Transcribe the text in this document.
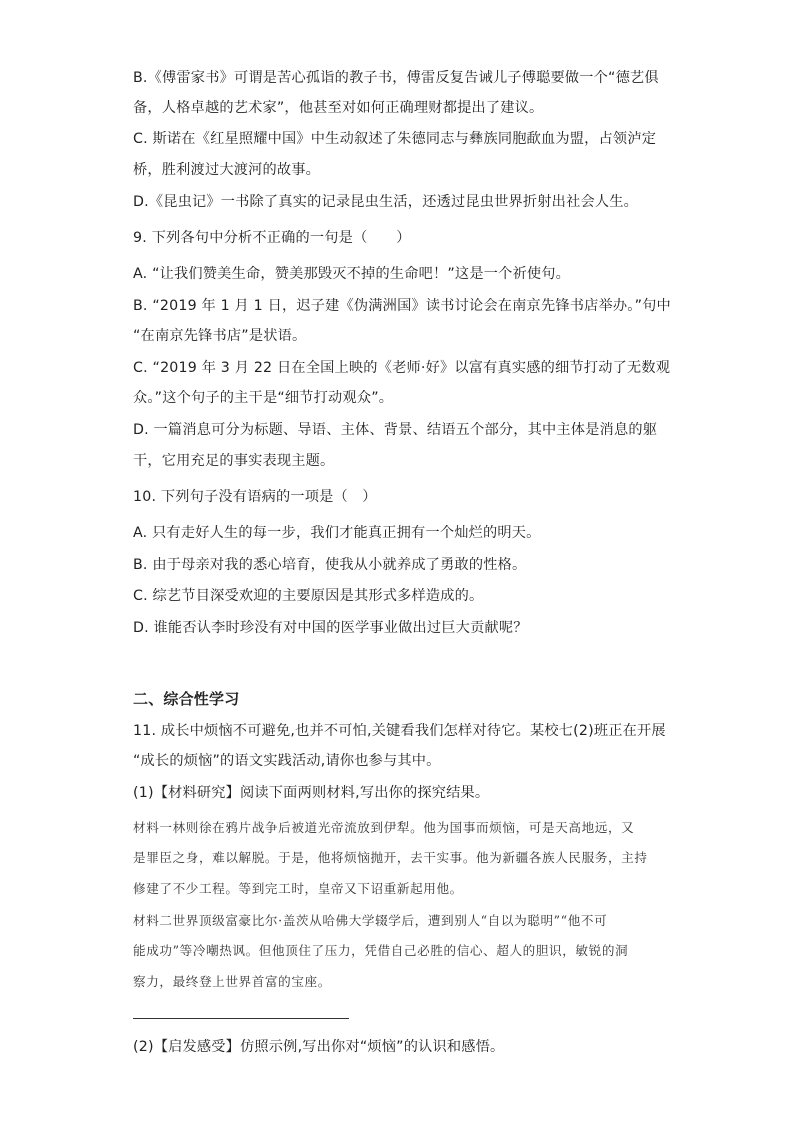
B.《傅雷家书》可谓是苦心孤诣的教子书，傅雷反复告诫儿子傅聪要做一个“德艺俱
备，人格卓越的艺术家”，他甚至对如何正确理财都提出了建议。
C. 斯诺在《红星照耀中国》中生动叙述了朱德同志与彝族同胞歃血为盟，占领泸定
桥，胜利渡过大渡河的故事。
D.《昆虫记》一书除了真实的记录昆虫生活，还透过昆虫世界折射出社会人生。
9. 下列各句中分析不正确的一句是（　　）
A. “让我们赞美生命，赞美那毁灭不掉的生命吧！”这是一个祈使句。
B. “2019 年 1 月 1 日，迟子建《伪满洲国》读书讨论会在南京先锋书店举办。”句中
“在南京先锋书店”是状语。
C. “2019 年 3 月 22 日在全国上映的《老师·好》以富有真实感的细节打动了无数观
众。”这个句子的主干是“细节打动观众”。
D. 一篇消息可分为标题、导语、主体、背景、结语五个部分，其中主体是消息的躯
干，它用充足的事实表现主题。
10. 下列句子没有语病的一项是（　）
A. 只有走好人生的每一步，我们才能真正拥有一个灿烂的明天。
B. 由于母亲对我的悉心培育，使我从小就养成了勇敢的性格。
C. 综艺节目深受欢迎的主要原因是其形式多样造成的。
D. 谁能否认李时珍没有对中国的医学事业做出过巨大贡献呢？
二、综合性学习
11. 成长中烦恼不可避免,也并不可怕,关键看我们怎样对待它。某校七(2)班正在开展
“成长的烦恼”的语文实践活动,请你也参与其中。
(1)【材料研究】阅读下面两则材料,写出你的探究结果。
材料一林则徐在鸦片战争后被道光帝流放到伊犁。他为国事而烦恼，可是天高地远，又
是罪臣之身，难以解脱。于是，他将烦恼抛开，去干实事。他为新疆各族人民服务，主持
修建了不少工程。等到完工时，皇帝又下诏重新起用他。
材料二世界顶级富豪比尔·盖茨从哈佛大学辍学后，遭到别人“自以为聪明”“他不可
能成功”等冷嘲热讽。但他顶住了压力，凭借自己必胜的信心、超人的胆识，敏锐的洞
察力，最终登上世界首富的宝座。
(2)【启发感受】仿照示例,写出你对“烦恼”的认识和感悟。
